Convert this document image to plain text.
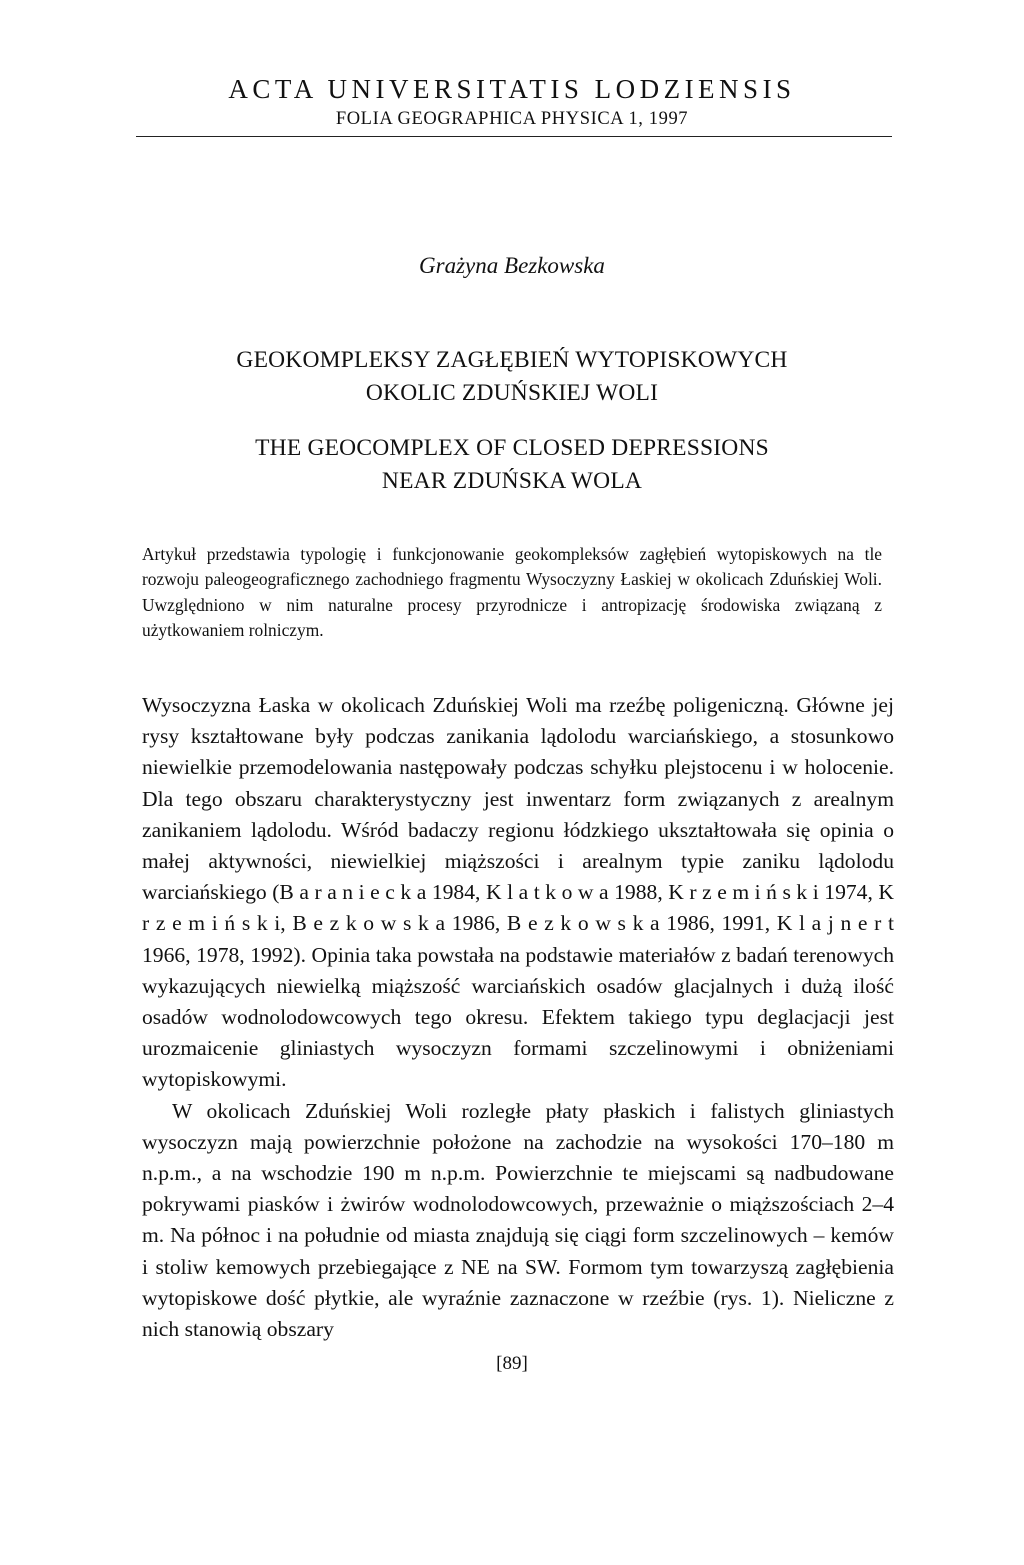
ACTA UNIVERSITATIS LODZIENSIS
FOLIA GEOGRAPHICA PHYSICA 1, 1997
Grażyna Bezkowska
GEOKOMPLEKSY ZAGŁĘBIEŃ WYTOPISKOWYCH
OKOLIC ZDUŃSKIEJ WOLI
THE GEOCOMPLEX OF CLOSED DEPRESSIONS
NEAR ZDUŃSKA WOLA
Artykuł przedstawia typologię i funkcjonowanie geokompleksów zagłębień wytopiskowych na tle rozwoju paleogeograficznego zachodniego fragmentu Wysoczyzny Łaskiej w okolicach Zduńskiej Woli. Uwzględniono w nim naturalne procesy przyrodnicze i antropizację środowiska związaną z użytkowaniem rolniczym.

Wysoczyzna Łaska w okolicach Zduńskiej Woli ma rzeźbę poligeniczną. Główne jej rysy kształtowane były podczas zanikania lądolodu warciańskiego, a stosunkowo niewielkie przemodelowania następowały podczas schyłku plejstocenu i w holocenie. Dla tego obszaru charakterystyczny jest inwentarz form związanych z arealnym zanikaniem lądolodu. Wśród badaczy regionu łódzkiego ukształtowała się opinia o małej aktywności, niewielkiej miąższości i arealnym typie zaniku lądolodu warciańskiego (B a r a n i e c k a 1984, K l a t k o w a 1988, K r z e m i ń s k i 1974, K r z e m i ń s k i, B e z k o w s k a 1986, B e z k o w s k a 1986, 1991, K l a j n e r t 1966, 1978, 1992). Opinia taka powstała na podstawie materiałów z badań terenowych wykazujących niewielką miąższość warciańskich osadów glacjalnych i dużą ilość osadów wodnolodowcowych tego okresu. Efektem takiego typu deglacjacji jest urozmaicenie gliniastych wysoczyzn formami szczelinowymi i obniżeniami wytopiskowymi.

W okolicach Zduńskiej Woli rozległe płaty płaskich i falistych gliniastych wysoczyzn mają powierzchnie położone na zachodzie na wysokości 170–180 m n.p.m., a na wschodzie 190 m n.p.m. Powierzchnie te miejscami są nadbudowane pokrywami piasków i żwirów wodnolodowcowych, przeważnie o miąższościach 2–4 m. Na północ i na południe od miasta znajdują się ciągi form szczelinowych – kemów i stoliw kemowych przebiegające z NE na SW. Formom tym towarzyszą zagłębienia wytopiskowe dość płytkie, ale wyraźnie zaznaczone w rzeźbie (rys. 1). Nieliczne z nich stanowią obszary

[89]
